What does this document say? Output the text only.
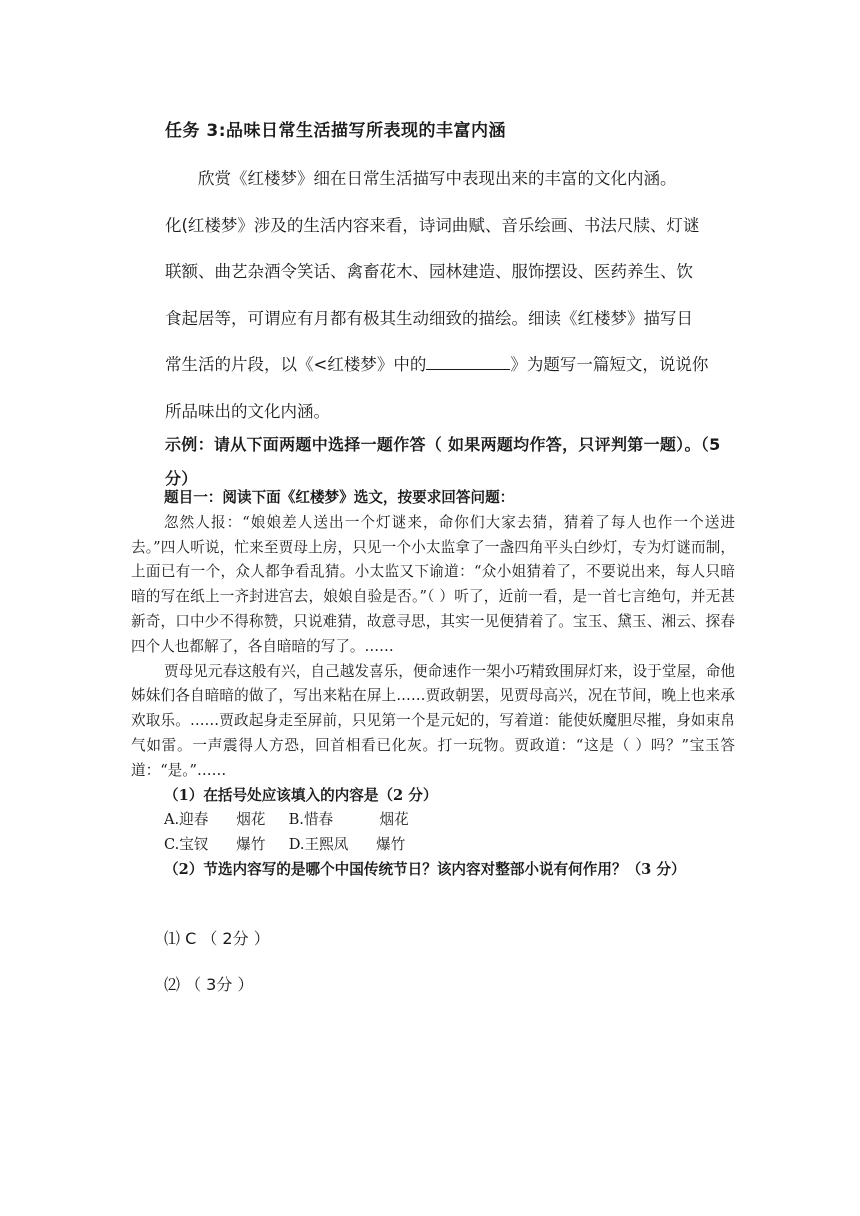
任务 3:品味日常生活描写所表现的丰富内涵

欣赏《红楼梦》细在日常生活描写中表现出来的丰富的文化内涵。

化(红楼梦》涉及的生活内容来看，诗词曲赋、音乐绘画、书法尺牍、灯谜

联额、曲艺杂酒令笑话、禽畜花木、园林建造、服饰摆设、医药养生、饮

食起居等，可谓应有月都有极其生动细致的描绘。细读《红楼梦》描写日

常生活的片段，以《<红楼梦》中的	》为题写一篇短文，说说你

所品味出的文化内涵。

示例：请从下面两题中选择一题作答（ 如果两题均作答，只评判第一题）。（5 分）

题目一：阅读下面《红楼梦》选文，按要求回答问题：

忽然人报：“娘娘差人送出一个灯谜来，命你们大家去猜，猜着了每人也作一个送进去。”四人听说，忙来至贾母上房，只见一个小太监拿了一盏四角平头白纱灯，专为灯谜而制，上面已有一个，众人都争看乱猜。小太监又下谕道：“众小姐猜着了，不要说出来，每人只暗暗的写在纸上一齐封进宫去，娘娘自验是否。”（ ）听了，近前一看，是一首七言绝句，并无甚新奇，口中少不得称赞，只说难猜，故意寻思，其实一见便猜着了。宝玉、黛玉、湘云、探春四个人也都解了，各自暗暗的写了。……

贾母见元春这般有兴，自己越发喜乐，便命速作一架小巧精致围屏灯来，设于堂屋，命他姊妹们各自暗暗的做了，写出来粘在屏上……贾政朝罢，见贾母高兴，况在节间，晚上也来承欢取乐。……贾政起身走至屏前，只见第一个是元妃的，写着道：能使妖魔胆尽摧，身如束帛气如雷。一声震得人方恐，回首相看已化灰。打一玩物。贾政道：“这是（ ）吗？”宝玉答道：“是。”……

（1）在括号处应该填入的内容是（2 分）

A.迎春      烟花     B.惜春          烟花

C.宝钗      爆竹     D.王熙凤      爆竹

（2）节选内容写的是哪个中国传统节日？该内容对整部小说有何作用？（3 分）

⑴ C （ 2分 ）
⑵ （ 3分 ）
